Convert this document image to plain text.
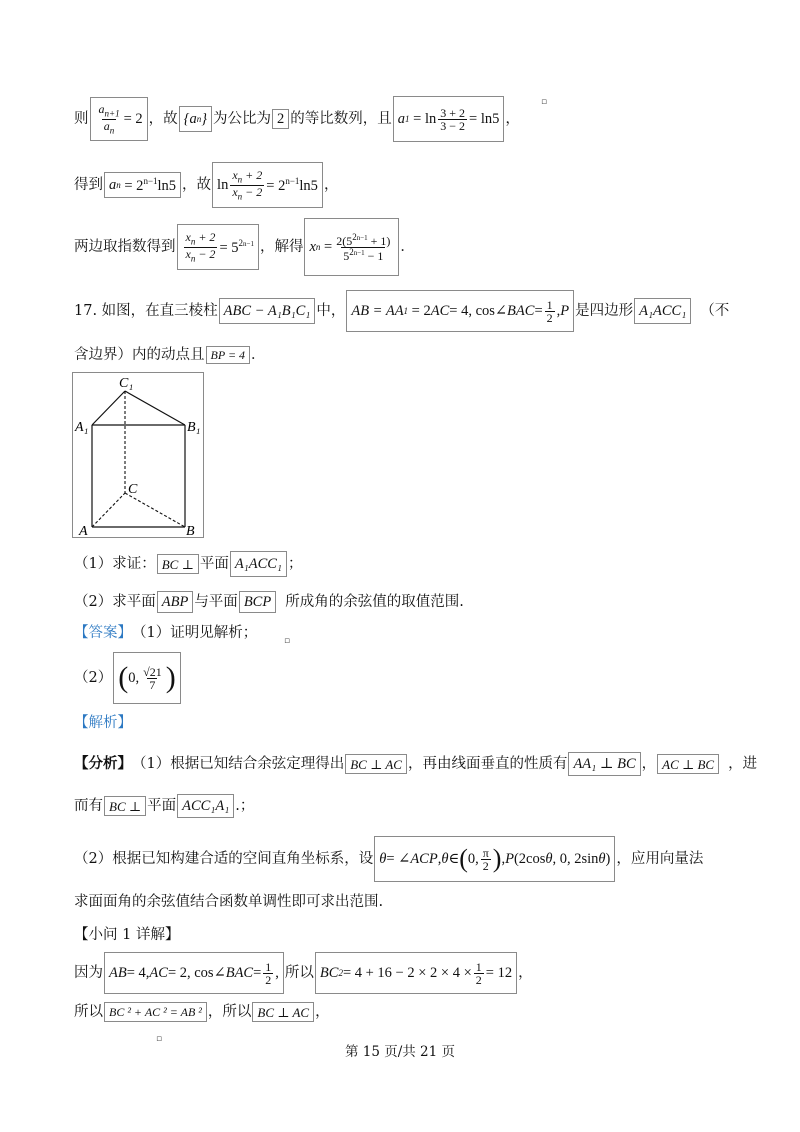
则 $\frac{a_{n+1}}{a_n} = 2$ ，故 {a n } 为公比为 2 的等比数列，且 a 1
= $\ln \frac{3 + 2}{3 - 2} = \ln 5$ ，
得到 a n
= $2^{n-1}\ln 5$ ，故 $\ln \frac{x_n + 2}{x_n - 2} = 2^{n-1}\ln 5$ ，
两边取指数得到 $\frac{x_n + 2}{x_n - 2} = 5^{2n-1}$ ，解得 x n
= $\frac{2(5^{2n-1} + 1)}{5^{2n-1} - 1}$ ．
17. 如图，在直三棱柱 ABC − A₁B₁C₁ 中， AB = AA 1
= 2 AC = 4, cos∠ BAC = $\frac{1}{2}$ , P 是四边形 A₁ACC₁ （不
含边界）内的动点且 BP = 4 ．
C₁
A₁	B₁
C
A	B
（1）求证： BC ⊥ 平面 A₁ACC₁ ；
（2）求平面 ABP 与平面 BCP 所成角的余弦值的取值范围.
【答案】 （1）证明见解析；
（2） ( 0, $\frac{√21}{7}$ )
【解析】
【分析】 （1）根据已知结合余弦定理得出 BC ⊥ AC ，再由线面垂直的性质有 AA₁ ⊥ BC ， AC ⊥ BC ，进
而有 BC ⊥ 平面 ACC₁A₁ .；
（2）根据已知构建合适的空间直角坐标系，设 θ = ∠ ACP , θ ∈ ( 0, $\frac{\pi}{2}$ ) , P (2cos θ , 0, 2sin θ ) ，应用向量法
求面面角的余弦值结合函数单调性即可求出范围.
【小问 1 详解】
因为 AB = 4, AC = 2, cos∠ BAC = $\frac{1}{2}$ , 所以 BC $2 = 4 + 16 - 2 \times 2 \times 4 \times \frac{1}{2} = 12$ ，
所以 BC ² + AC ² = AB ² ，所以 BC ⊥ AC ，
▫
▫
▫
第 15 页/共 21 页
